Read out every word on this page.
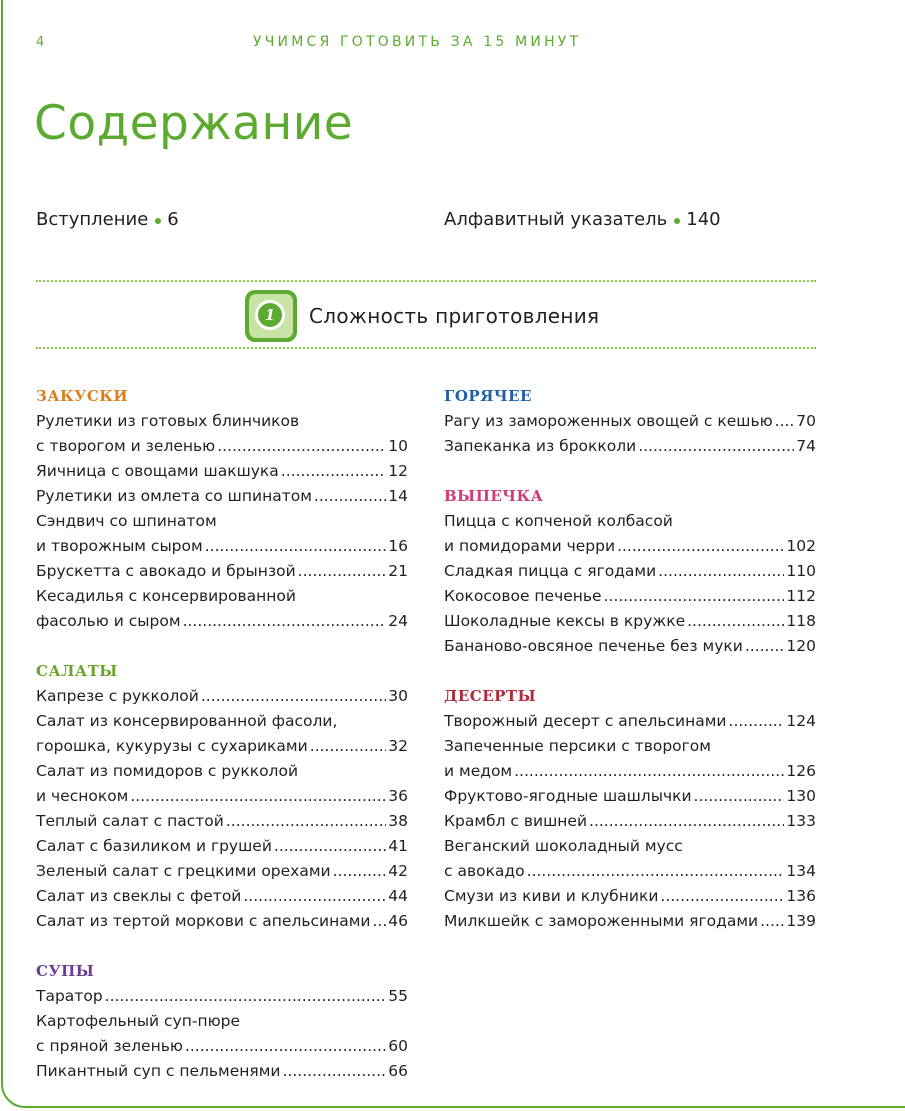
4	УЧИМСЯ ГОТОВИТЬ ЗА 15 МИНУТ
Содержание
Вступление 6	Алфавитный указатель 140
1	Сложность приготовления
ЗАКУСКИ
Рулетики из готовых блинчиков
с творогом и зеленью .....	10
Яичница с овощами шакшука .....	12
Рулетики из омлета со шпинатом .....	14
Сэндвич со шпинатом
и творожным сыром .....	16
Брускетта с авокадо и брынзой .....	21
Кесадилья с консервированной
фасолью и сыром .....	24
САЛАТЫ
Капрезе с рукколой .....	30
Салат из консервированной фасоли,
горошка, кукурузы с сухариками .....	32
Салат из помидоров с рукколой
и чесноком .....	36
Теплый салат с пастой .....	38
Салат с базиликом и грушей .....	41
Зеленый салат с грецкими орехами .....	42
Салат из свеклы с фетой .....	44
Салат из тертой моркови с апельсинами ..... 46
СУПЫ
Таратор .....	55
Картофельный суп-пюре
с пряной зеленью .....	60
Пикантный суп с пельменями .....	66
ГОРЯЧЕЕ
Рагу из замороженных овощей с кешью ..... 70
Запеканка из брокколи .....	74
ВЫПЕЧКА
Пицца с копченой колбасой
и помидорами черри .....	102
Сладкая пицца с ягодами .....	110
Кокосовое печенье .....	112
Шоколадные кексы в кружке .....	118
Бананово-овсяное печенье без муки .....	120
ДЕСЕРТЫ
Творожный десерт с апельсинами .....	124
Запеченные персики с творогом
и медом .....	126
Фруктово-ягодные шашлычки .....	130
Крамбл с вишней .....	133
Веганский шоколадный мусс
с авокадо .....	134
Смузи из киви и клубники .....	136
Милкшейк с замороженными ягодами ..... 139
